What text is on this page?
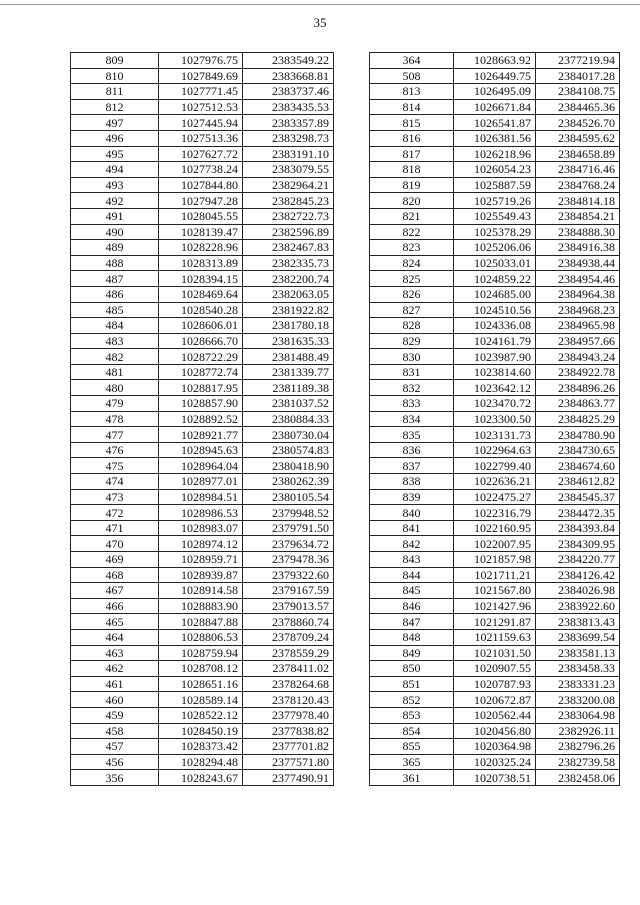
35
809	1027976.75	2383549.22
810	1027849.69	2383668.81
811	1027771.45	2383737.46
812	1027512.53	2383435.53
497	1027445.94	2383357.89
496	1027513.36	2383298.73
495	1027627.72	2383191.10
494	1027738.24	2383079.55
493	1027844.80	2382964.21
492	1027947.28	2382845.23
491	1028045.55	2382722.73
490	1028139.47	2382596.89
489	1028228.96	2382467.83
488	1028313.89	2382335.73
487	1028394.15	2382200.74
486	1028469.64	2382063.05
485	1028540.28	2381922.82
484	1028606.01	2381780.18
483	1028666.70	2381635.33
482	1028722.29	2381488.49
481	1028772.74	2381339.77
480	1028817.95	2381189.38
479	1028857.90	2381037.52
478	1028892.52	2380884.33
477	1028921.77	2380730.04
476	1028945.63	2380574.83
475	1028964.04	2380418.90
474	1028977.01	2380262.39
473	1028984.51	2380105.54
472	1028986.53	2379948.52
471	1028983.07	2379791.50
470	1028974.12	2379634.72
469	1028959.71	2379478.36
468	1028939.87	2379322.60
467	1028914.58	2379167.59
466	1028883.90	2379013.57
465	1028847.88	2378860.74
464	1028806.53	2378709.24
463	1028759.94	2378559.29
462	1028708.12	2378411.02
461	1028651.16	2378264.68
460	1028589.14	2378120.43
459	1028522.12	2377978.40
458	1028450.19	2377838.82
457	1028373.42	2377701.82
456	1028294.48	2377571.80
356	1028243.67	2377490.91
364	1028663.92	2377219.94
508	1026449.75	2384017.28
813	1026495.09	2384108.75
814	1026671.84	2384465.36
815	1026541.87	2384526.70
816	1026381.56	2384595.62
817	1026218.96	2384658.89
818	1026054.23	2384716.46
819	1025887.59	2384768.24
820	1025719.26	2384814.18
821	1025549.43	2384854.21
822	1025378.29	2384888.30
823	1025206.06	2384916.38
824	1025033.01	2384938.44
825	1024859.22	2384954.46
826	1024685.00	2384964.38
827	1024510.56	2384968.23
828	1024336.08	2384965.98
829	1024161.79	2384957.66
830	1023987.90	2384943.24
831	1023814.60	2384922.78
832	1023642.12	2384896.26
833	1023470.72	2384863.77
834	1023300.50	2384825.29
835	1023131.73	2384780.90
836	1022964.63	2384730.65
837	1022799.40	2384674.60
838	1022636.21	2384612.82
839	1022475.27	2384545.37
840	1022316.79	2384472.35
841	1022160.95	2384393.84
842	1022007.95	2384309.95
843	1021857.98	2384220.77
844	1021711.21	2384126.42
845	1021567.80	2384026.98
846	1021427.96	2383922.60
847	1021291.87	2383813.43
848	1021159.63	2383699.54
849	1021031.50	2383581.13
850	1020907.55	2383458.33
851	1020787.93	2383331.23
852	1020672.87	2383200.08
853	1020562.44	2383064.98
854	1020456.80	2382926.11
855	1020364.98	2382796.26
365	1020325.24	2382739.58
361	1020738.51	2382458.06
